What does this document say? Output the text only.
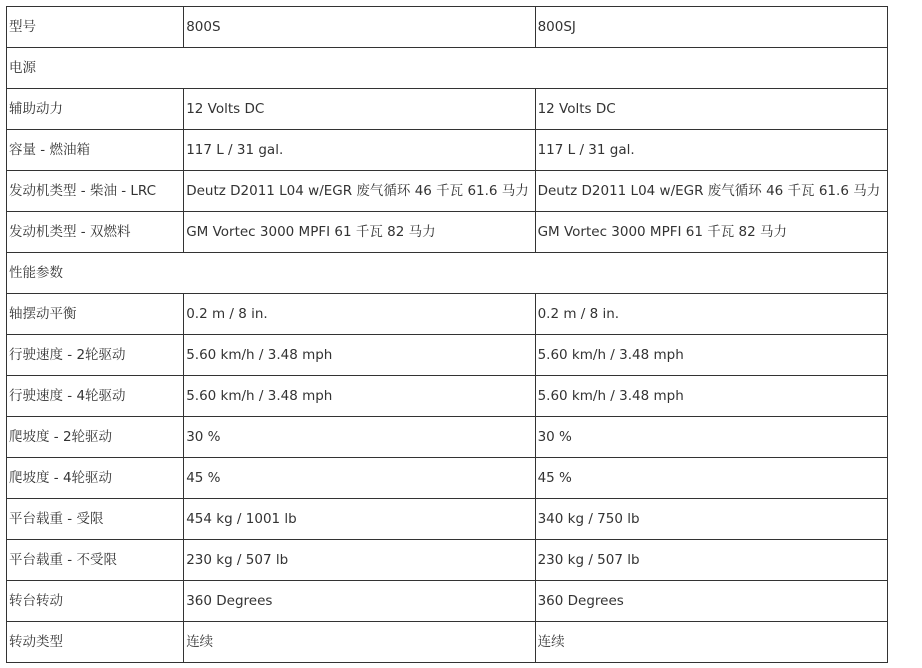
型号	800S	800SJ
电源		
辅助动力	12 Volts DC	12 Volts DC
容量 - 燃油箱	117 L / 31 gal.	117 L / 31 gal.
发动机类型 - 柴油 - LRC	Deutz D2011 L04 w/EGR 废气循环 46 千瓦 61.6 马力	Deutz D2011 L04 w/EGR 废气循环 46 千瓦 61.6 马力
发动机类型 - 双燃料	GM Vortec 3000 MPFI 61 千瓦 82 马力	GM Vortec 3000 MPFI 61 千瓦 82 马力
性能参数		
轴摆动平衡	0.2 m / 8 in.	0.2 m / 8 in.
行驶速度 - 2轮驱动	5.60 km/h / 3.48 mph	5.60 km/h / 3.48 mph
行驶速度 - 4轮驱动	5.60 km/h / 3.48 mph	5.60 km/h / 3.48 mph
爬坡度 - 2轮驱动	30 %	30 %
爬坡度 - 4轮驱动	45 %	45 %
平台载重 - 受限	454 kg / 1001 lb	340 kg / 750 lb
平台载重 - 不受限	230 kg / 507 lb	230 kg / 507 lb
转台转动	360 Degrees	360 Degrees
转动类型	连续	连续
